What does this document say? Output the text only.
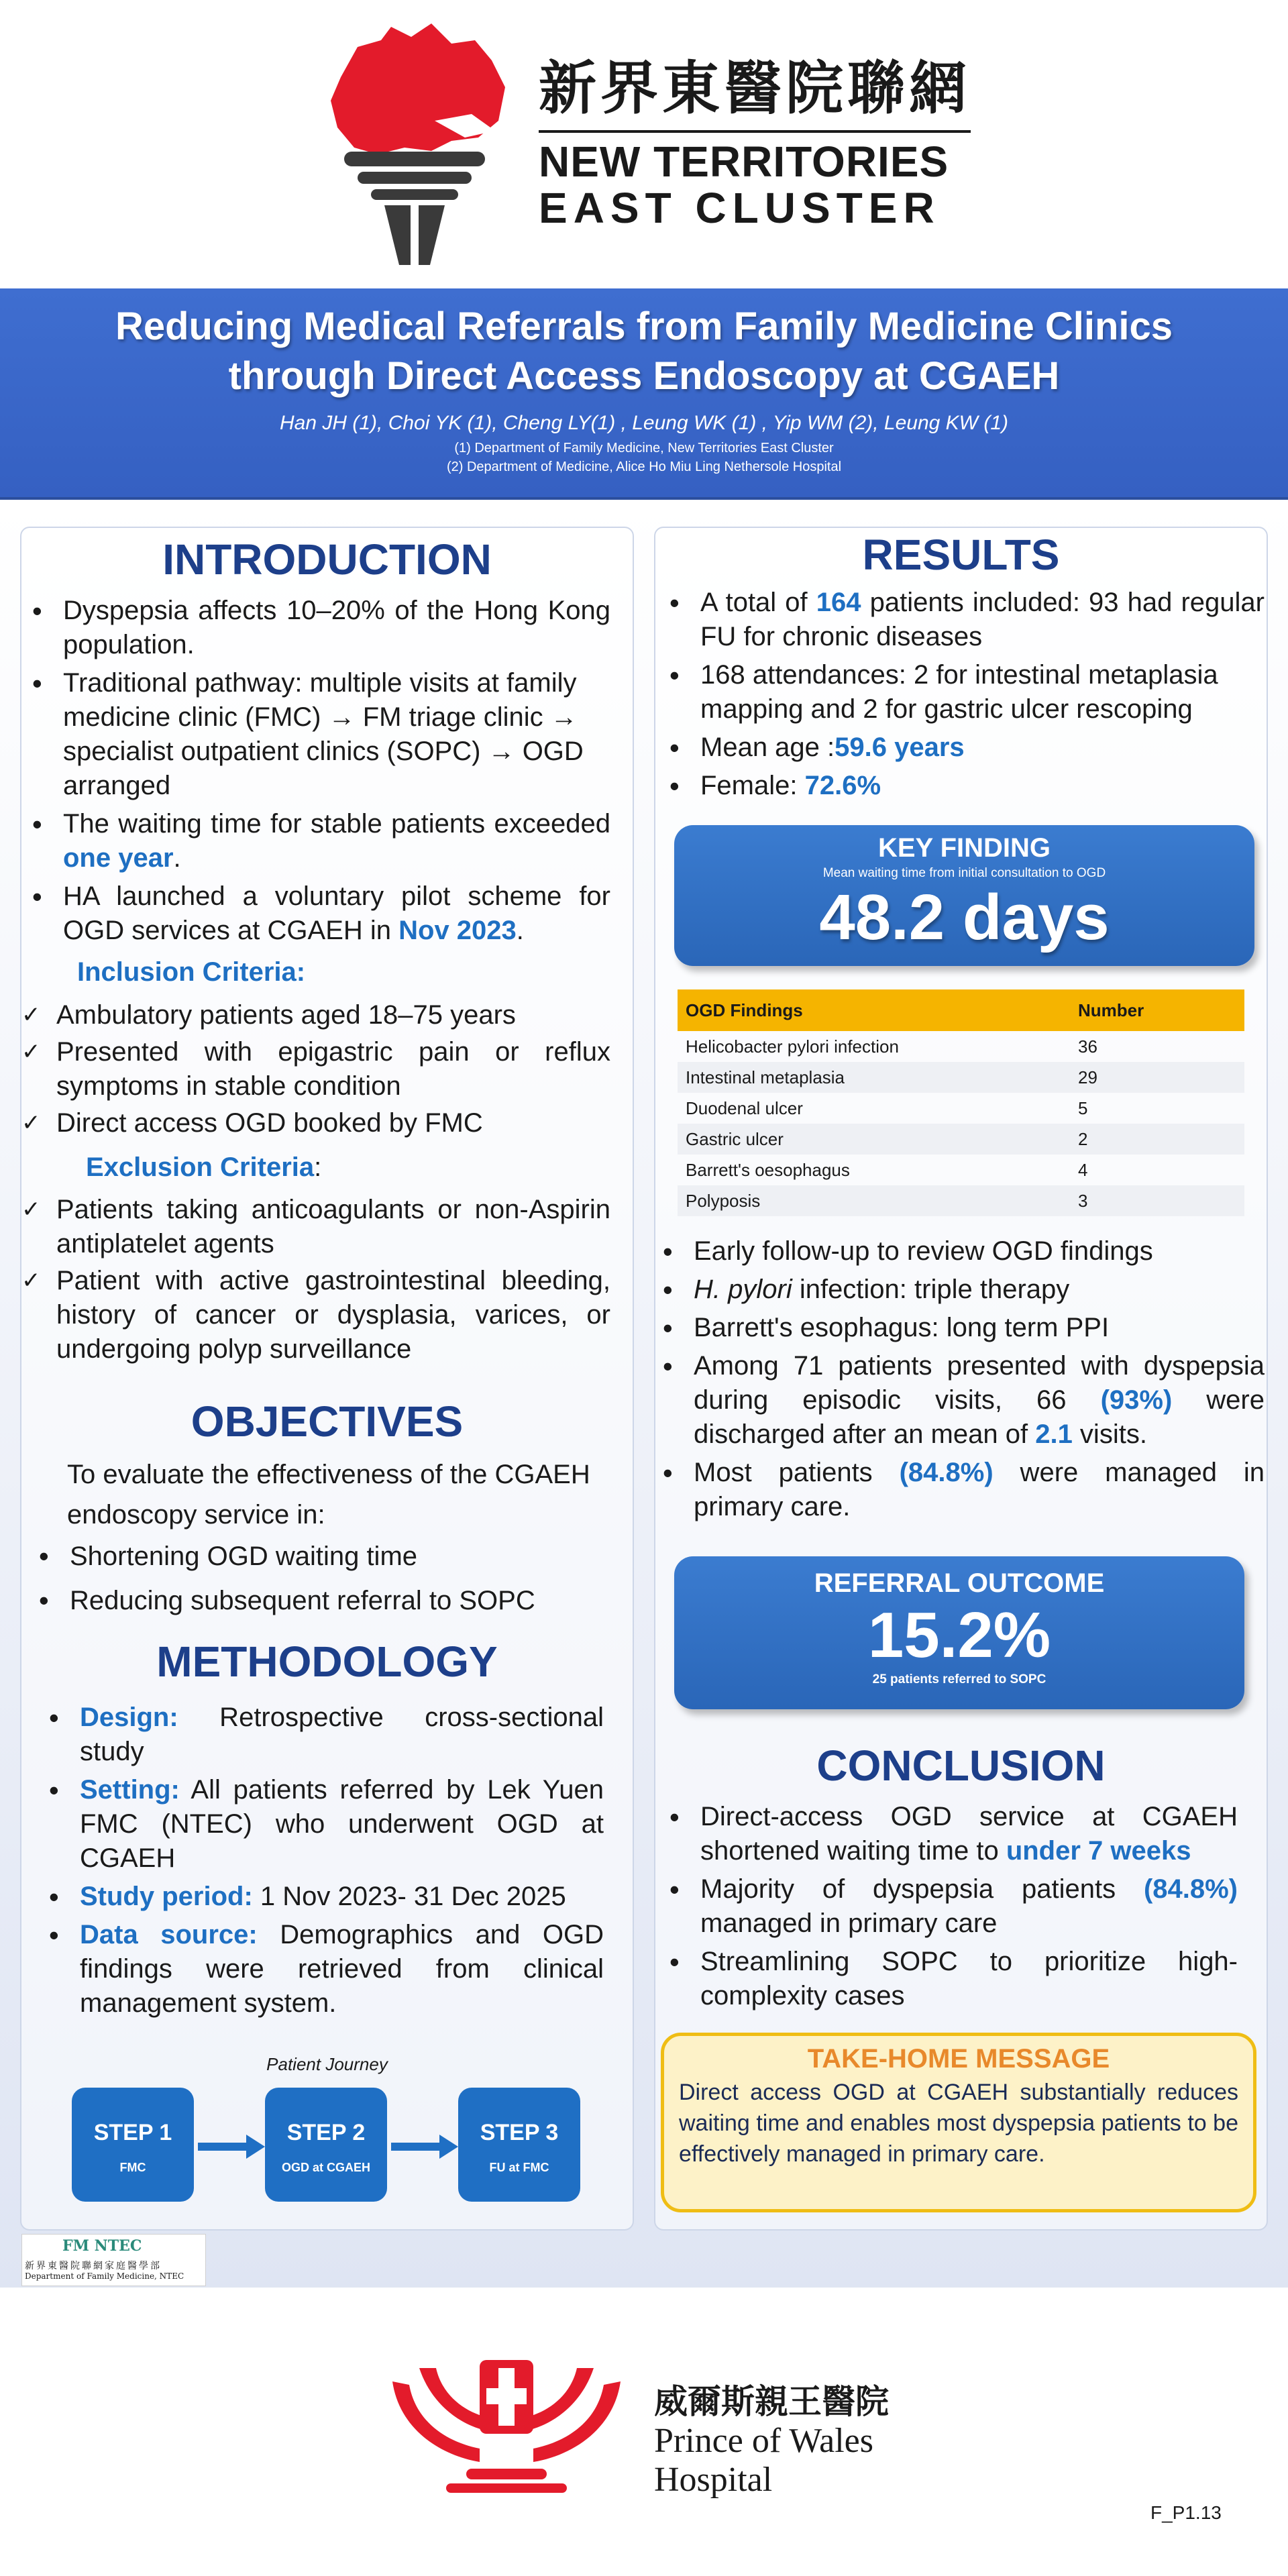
新界東醫院聯網
NEW TERRITORIES
EAST CLUSTER
Reducing Medical Referrals from Family Medicine Clinics
through Direct Access Endoscopy at CGAEH
Han JH (1), Choi YK (1), Cheng LY(1) , Leung WK (1) , Yip WM (2), Leung KW (1)
(1) Department of Family Medicine, New Territories East Cluster
(2) Department of Medicine, Alice Ho Miu Ling Nethersole Hospital
INTRODUCTION
• Dyspepsia affects 10–20% of the Hong Kong population.
• Traditional pathway: multiple visits at family medicine clinic (FMC) → FM triage clinic → specialist outpatient clinics (SOPC) → OGD arranged
• The waiting time for stable patients exceeded one year.
• HA launched a voluntary pilot scheme for OGD services at CGAEH in Nov 2023.
Inclusion Criteria:
✓ Ambulatory patients aged 18–75 years
✓ Presented with epigastric pain or reflux symptoms in stable condition
✓ Direct access OGD booked by FMC
Exclusion Criteria:
✓ Patients taking anticoagulants or non-Aspirin antiplatelet agents
✓ Patient with active gastrointestinal bleeding, history of cancer or dysplasia, varices, or undergoing polyp surveillance
OBJECTIVES
To evaluate the effectiveness of the CGAEH endoscopy service in:
• Shortening OGD waiting time
• Reducing subsequent referral to SOPC
METHODOLOGY
• Design: Retrospective cross-sectional study
• Setting: All patients referred by Lek Yuen FMC (NTEC) who underwent OGD at CGAEH
• Study period: 1 Nov 2023- 31 Dec 2025
• Data source: Demographics and OGD findings were retrieved from clinical management system.
Patient Journey
STEP 1
FMC
STEP 2
OGD at CGAEH
STEP 3
FU at FMC
FM NTEC
新界東醫院聯網家庭醫學部
Department of Family Medicine, NTEC
RESULTS
• A total of 164 patients included: 93 had regular FU for chronic diseases
• 168 attendances: 2 for intestinal metaplasia mapping and 2 for gastric ulcer rescoping
• Mean age :59.6 years
• Female: 72.6%
KEY FINDING
Mean waiting time from initial consultation to OGD
48.2 days
OGD Findings	Number
Helicobacter pylori infection	36
Intestinal metaplasia	29
Duodenal ulcer	5
Gastric ulcer	2
Barrett's oesophagus	4
Polyposis	3
• Early follow-up to review OGD findings
• H. pylori infection: triple therapy
• Barrett's esophagus: long term PPI
• Among 71 patients presented with dyspepsia during episodic visits, 66 (93%) were discharged after an mean of 2.1 visits.
• Most patients (84.8%) were managed in primary care.
REFERRAL OUTCOME
15.2%
25 patients referred to SOPC
CONCLUSION
• Direct-access OGD service at CGAEH shortened waiting time to under 7 weeks
• Majority of dyspepsia patients (84.8%) managed in primary care
• Streamlining SOPC to prioritize high-complexity cases
TAKE-HOME MESSAGE
Direct access OGD at CGAEH substantially reduces waiting time and enables most dyspepsia patients to be effectively managed in primary care.
威爾斯親王醫院
Prince of Wales
Hospital
F_P1.13
